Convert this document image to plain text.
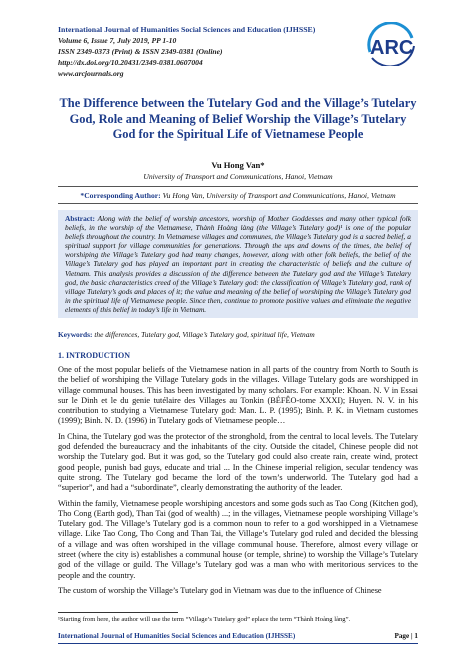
International Journal of Humanities Social Sciences and Education (IJHSSE)
Volume 6, Issue 7, July 2019, PP 1-10
ISSN 2349-0373 (Print) & ISSN 2349-0381 (Online)
http://dx.doi.org/10.20431/2349-0381.0607004
www.arcjournals.org
ARC
The Difference between the Tutelary God and the Village’s Tutelary God, Role and Meaning of Belief Worship the Village’s Tutelary God for the Spiritual Life of Vietnamese People
Vu Hong Van*
University of Transport and Communications, Hanoi, Vietnam
*Corresponding Author: Vu Hong Van, University of Transport and Communications, Hanoi, Vietnam
Abstract: Along with the belief of worship ancestors, worship of Mother Goddesses and many other typical folk beliefs, in the worship of the Vietnamese, Thành Hoàng làng (the Village’s Tutelary god)¹ is one of the popular beliefs throughout the country. In Vietnamese villages and communes, the Village’s Tutelary god is a sacred belief, a spiritual support for village communities for generations. Through the ups and downs of the times, the belief of worshiping the Village’s Tutelary god had many changes, however, along with other folk beliefs, the belief of the Village’s Tutelary god has played an important part in creating the characteristic of beliefs and the culture of Vietnam. This analysis provides a discussion of the difference between the Tutelary god and the Village’s Tutelary god, the basic characteristics creed of the Village’s Tutelary god: the classification of Village’s Tutelary god, rank of village Tutelary’s gods and places of it; the value and meaning of the belief of worshiping the Village’s Tutelary god in the spiritual life of Vietnamese people. Since then, continue to promote positive values and eliminate the negative elements of this belief in today’s life in Vietnam.
Keywords: the differences, Tutelary god, Village’s Tutelary god, spiritual life, Vietnam
1. INTRODUCTION

One of the most popular beliefs of the Vietnamese nation in all parts of the country from North to South is the belief of worshiping the Village Tutelary gods in the villages. Village Tutelary gods are worshipped in village communal houses. This has been investigated by many scholars. For example: Khoan. N. V in Essai sur le Dinh et le du genie tutélaire des Villages au Tonkin (BÉFÊO-tome XXXI); Huyen. N. V. in his contribution to studying a Vietnamese Tutelary god: Man. L. P. (1995); Binh. P. K. in Vietnam customes (1999); Binh. N. D. (1996) in Tutelary gods of Vietnamese people…

In China, the Tutelary god was the protector of the stronghold, from the central to local levels. The Tutelary god defended the bureaucracy and the inhabitants of the city. Outside the citadel, Chinese people did not worship the Tutelary god. But it was god, so the Tutelary god could also create rain, create wind, protect good people, punish bad guys, educate and trial ... In the Chinese imperial religion, secular tendency was quite strong. The Tutelary god became the lord of the town’s underworld. The Tutelary god had a “superior”, and had a “subordinate”, clearly demonstrating the authority of the leader.

Within the family, Vietnamese people worshiping ancestors and some gods such as Tao Cong (Kitchen god), Tho Cong (Earth god), Than Tai (god of wealth) ...; in the villages, Vietnamese people worshiping Village’s Tutelary god. The Village’s Tutelary god is a common noun to refer to a god worshipped in a Vietnamese village. Like Tao Cong, Tho Cong and Than Tai, the Village’s Tutelary god ruled and decided the blessing of a village and was often worshiped in the village communal house. Therefore, almost every village or street (where the city is) establishes a communal house (or temple, shrine) to worship the Village’s Tutelary god of the village or guild. The Village’s Tutelary god was a man who with meritorious services to the people and the country.

The custom of worship the Village’s Tutelary god in Vietnam was due to the influence of Chinese

¹Starting from here, the author will use the term “Village’s Tutelary god” eplace the term “Thành Hoàng làng”.
International Journal of Humanities Social Sciences and Education (IJHSSE)	Page | 1
